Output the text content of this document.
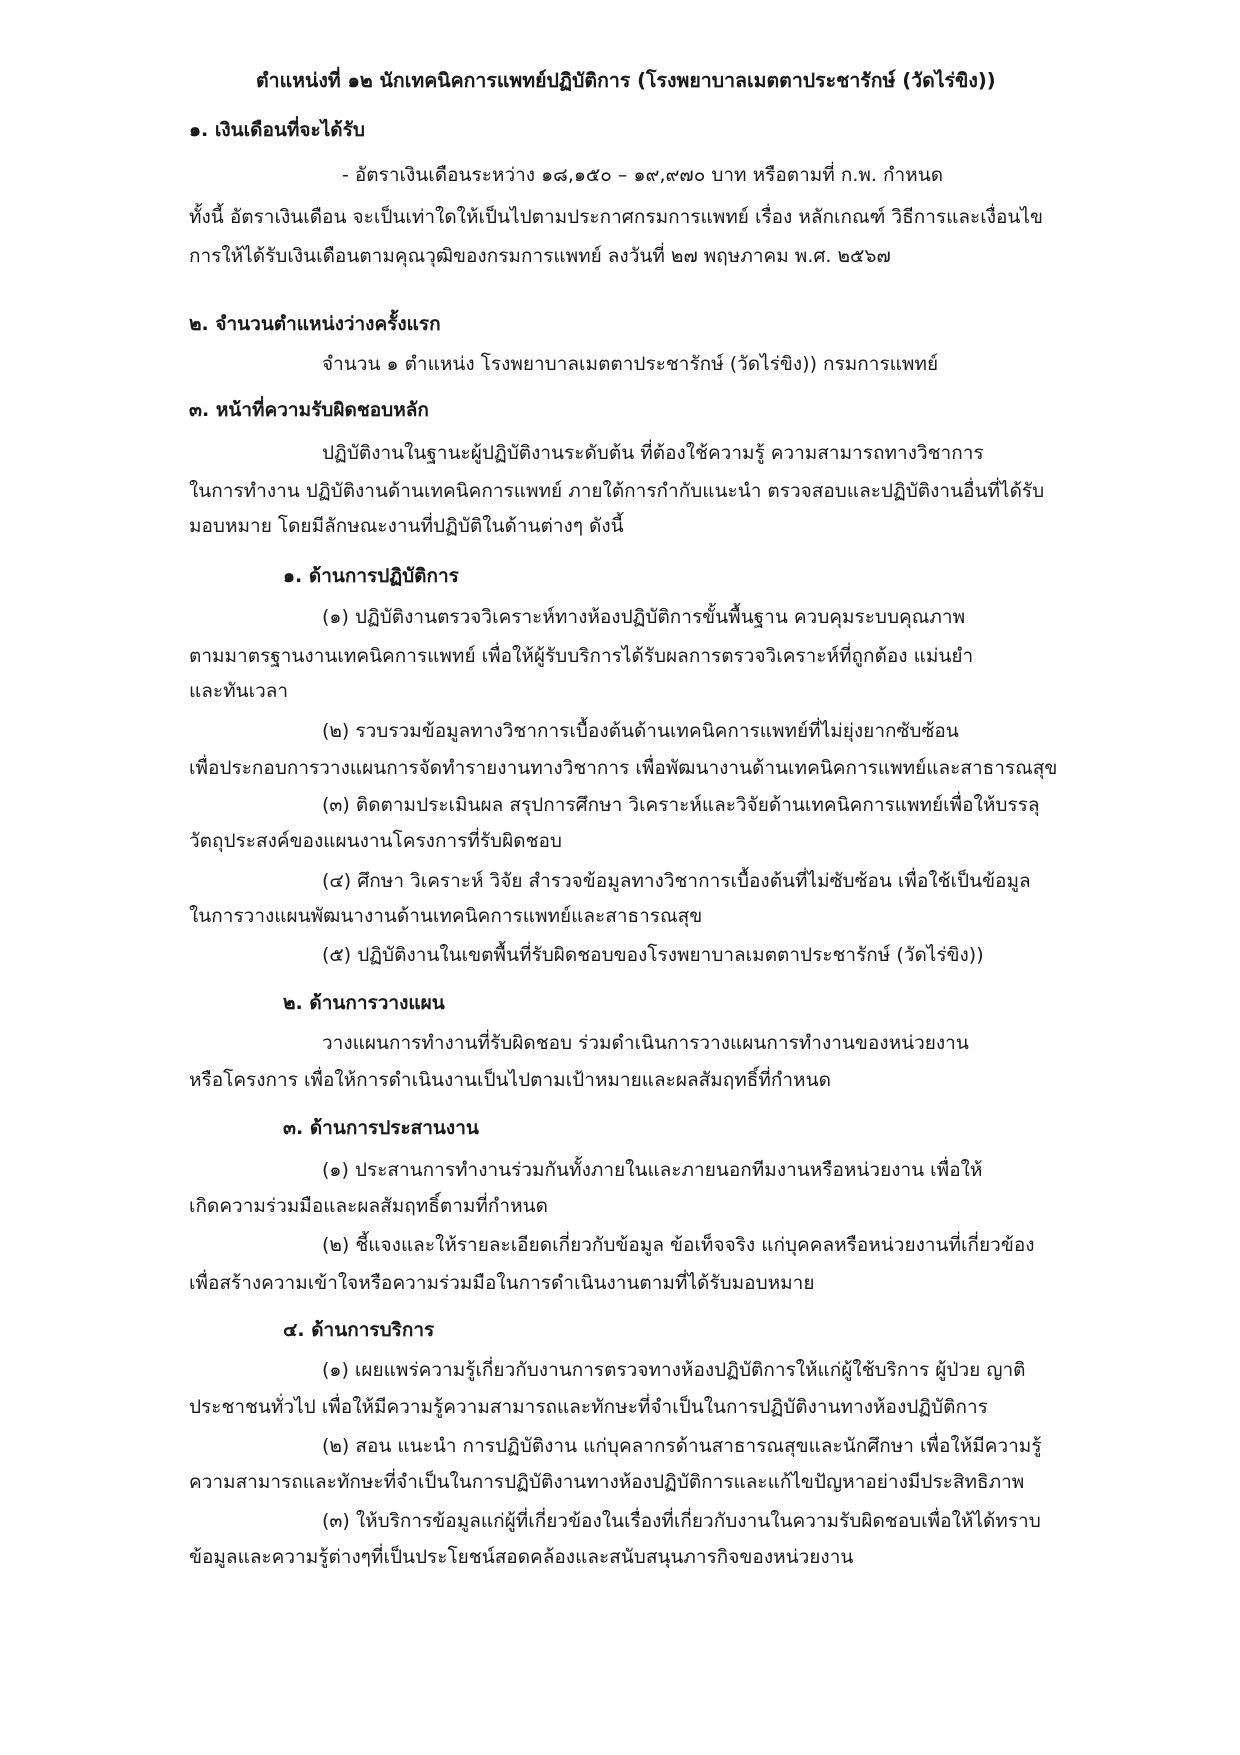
ตำแหน่งที่ ๑๒ นักเทคนิคการแพทย์ปฏิบัติการ (โรงพยาบาลเมตตาประชารักษ์ (วัดไร่ขิง))
๑. เงินเดือนที่จะได้รับ
- อัตราเงินเดือนระหว่าง ๑๘,๑๕๐ – ๑๙,๙๗๐ บาท หรือตามที่ ก.พ. กำหนด
ทั้งนี้ อัตราเงินเดือน จะเป็นเท่าใดให้เป็นไปตามประกาศกรมการแพทย์ เรื่อง หลักเกณฑ์ วิธีการและเงื่อนไข
การให้ได้รับเงินเดือนตามคุณวุฒิของกรมการแพทย์ ลงวันที่ ๒๗ พฤษภาคม พ.ศ. ๒๕๖๗
๒. จำนวนตำแหน่งว่างครั้งแรก
จำนวน ๑ ตำแหน่ง โรงพยาบาลเมตตาประชารักษ์ (วัดไร่ขิง)) กรมการแพทย์
๓. หน้าที่ความรับผิดชอบหลัก
ปฏิบัติงานในฐานะผู้ปฏิบัติงานระดับต้น ที่ต้องใช้ความรู้ ความสามารถทางวิชาการ
ในการทำงาน ปฏิบัติงานด้านเทคนิคการแพทย์ ภายใต้การกำกับแนะนำ ตรวจสอบและปฏิบัติงานอื่นที่ได้รับ
มอบหมาย โดยมีลักษณะงานที่ปฏิบัติในด้านต่างๆ ดังนี้
๑. ด้านการปฏิบัติการ
(๑) ปฏิบัติงานตรวจวิเคราะห์ทางห้องปฏิบัติการขั้นพื้นฐาน ควบคุมระบบคุณภาพ
ตามมาตรฐานงานเทคนิคการแพทย์ เพื่อให้ผู้รับบริการได้รับผลการตรวจวิเคราะห์ที่ถูกต้อง แม่นยำ
และทันเวลา
(๒) รวบรวมข้อมูลทางวิชาการเบื้องต้นด้านเทคนิคการแพทย์ที่ไม่ยุ่งยากซับซ้อน
เพื่อประกอบการวางแผนการจัดทำรายงานทางวิชาการ เพื่อพัฒนางานด้านเทคนิคการแพทย์และสาธารณสุข
(๓) ติดตามประเมินผล สรุปการศึกษา วิเคราะห์และวิจัยด้านเทคนิคการแพทย์เพื่อให้บรรลุ
วัตถุประสงค์ของแผนงานโครงการที่รับผิดชอบ
(๔) ศึกษา วิเคราะห์ วิจัย สำรวจข้อมูลทางวิชาการเบื้องต้นที่ไม่ซับซ้อน เพื่อใช้เป็นข้อมูล
ในการวางแผนพัฒนางานด้านเทคนิคการแพทย์และสาธารณสุข
(๕) ปฏิบัติงานในเขตพื้นที่รับผิดชอบของโรงพยาบาลเมตตาประชารักษ์ (วัดไร่ขิง))
๒. ด้านการวางแผน
วางแผนการทำงานที่รับผิดชอบ ร่วมดำเนินการวางแผนการทำงานของหน่วยงาน
หรือโครงการ เพื่อให้การดำเนินงานเป็นไปตามเป้าหมายและผลสัมฤทธิ์ที่กำหนด
๓. ด้านการประสานงาน
(๑) ประสานการทำงานร่วมกันทั้งภายในและภายนอกทีมงานหรือหน่วยงาน เพื่อให้
เกิดความร่วมมือและผลสัมฤทธิ์ตามที่กำหนด
(๒) ชี้แจงและให้รายละเอียดเกี่ยวกับข้อมูล ข้อเท็จจริง แก่บุคคลหรือหน่วยงานที่เกี่ยวข้อง
เพื่อสร้างความเข้าใจหรือความร่วมมือในการดำเนินงานตามที่ได้รับมอบหมาย
๔. ด้านการบริการ
(๑) เผยแพร่ความรู้เกี่ยวกับงานการตรวจทางห้องปฏิบัติการให้แก่ผู้ใช้บริการ ผู้ป่วย ญาติ
ประชาชนทั่วไป เพื่อให้มีความรู้ความสามารถและทักษะที่จำเป็นในการปฏิบัติงานทางห้องปฏิบัติการ
(๒) สอน แนะนำ การปฏิบัติงาน แก่บุคลากรด้านสาธารณสุขและนักศึกษา เพื่อให้มีความรู้
ความสามารถและทักษะที่จำเป็นในการปฏิบัติงานทางห้องปฏิบัติการและแก้ไขปัญหาอย่างมีประสิทธิภาพ
(๓) ให้บริการข้อมูลแก่ผู้ที่เกี่ยวข้องในเรื่องที่เกี่ยวกับงานในความรับผิดชอบเพื่อให้ได้ทราบ
ข้อมูลและความรู้ต่างๆที่เป็นประโยชน์สอดคล้องและสนับสนุนภารกิจของหน่วยงาน
